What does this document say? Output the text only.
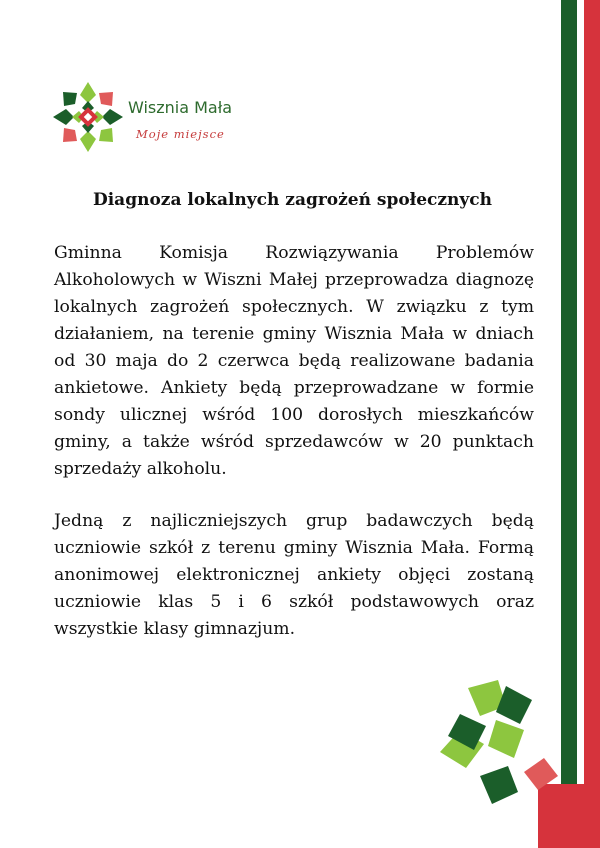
Wisznia Mała
Moje miejsce
Diagnoza lokalnych zagrożeń społecznych
Gminna Komisja Rozwiązywania Problemów Alkoholowych w Wiszni Małej przeprowadza diagnozę lokalnych zagrożeń społecznych. W związku z tym działaniem, na terenie gminy Wisznia Mała w dniach od 30 maja do 2 czerwca będą realizowane badania ankietowe. Ankiety będą przeprowadzane w formie sondy ulicznej wśród 100 dorosłych mieszkańców gminy, a także wśród sprzedawców w 20 punktach sprzedaży alkoholu.
Jedną z najliczniejszych grup badawczych będą uczniowie szkół z terenu gminy Wisznia Mała. Formą anonimowej elektronicznej ankiety objęci zostaną uczniowie klas 5 i 6 szkół podstawowych oraz wszystkie klasy gimnazjum.
